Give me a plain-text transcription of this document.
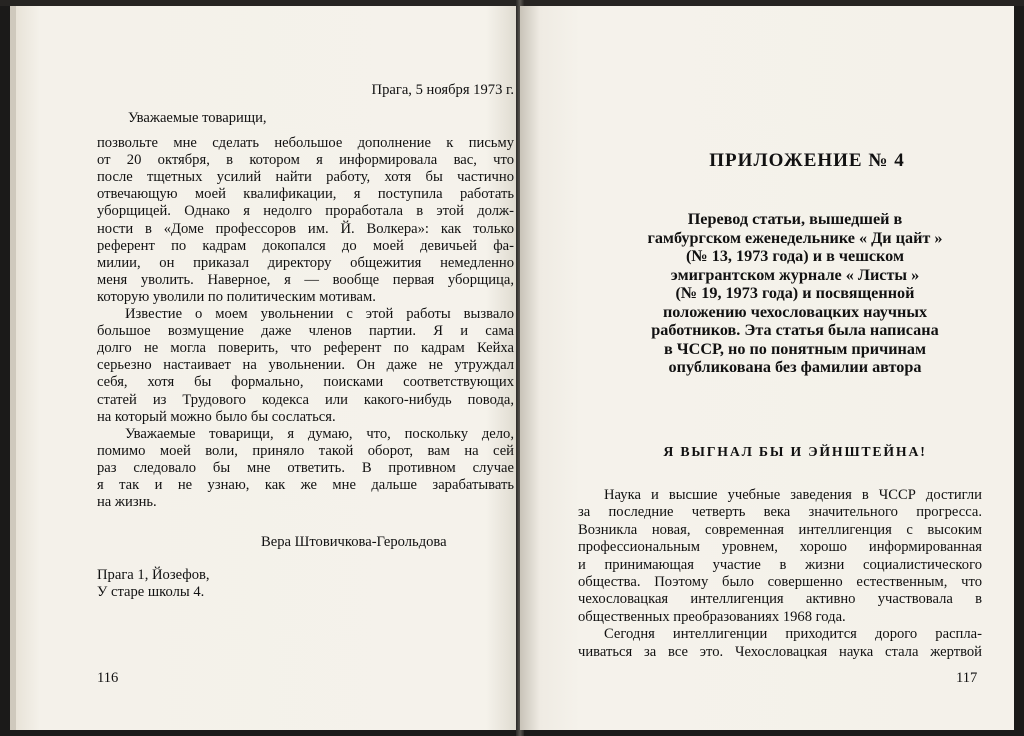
Прага, 5 ноября 1973 г.
Уважаемые товарищи,
позвольте мне сделать небольшое дополнение к письму
от 20 октября, в котором я информировала вас, что
после тщетных усилий найти работу, хотя бы частично
отвечающую моей квалификации, я поступила работать
уборщицей. Однако я недолго проработала в этой долж-
ности в «Доме профессоров им. Й. Волкера»: как только
референт по кадрам докопался до моей девичьей фа-
милии, он приказал директору общежития немедленно
меня уволить. Наверное, я — вообще первая уборщица,
которую уволили по политическим мотивам.
Известие о моем увольнении с этой работы вызвало
большое возмущение даже членов партии. Я и сама
долго не могла поверить, что референт по кадрам Кейха
серьезно настаивает на увольнении. Он даже не утруждал
себя, хотя бы формально, поисками соответствующих
статей из Трудового кодекса или какого-нибудь повода,
на который можно было бы сослаться.
Уважаемые товарищи, я думаю, что, поскольку дело,
помимо моей воли, приняло такой оборот, вам на сей
раз следовало бы мне ответить. В противном случае
я так и не узнаю, как же мне дальше зарабатывать
на жизнь.
Вера Штовичкова-Герольдова
Прага 1, Йозефов,
У старе школы 4.
116
ПРИЛОЖЕНИЕ № 4
Перевод статьи, вышедшей в
гамбургском еженедельнике « Ди цайт »
(№ 13, 1973 года) и в чешском
эмигрантском журнале « Листы »
(№ 19, 1973 года) и посвященной
положению чехословацких научных
работников. Эта статья была написана
в ЧССР, но по понятным причинам
опубликована без фамилии автора
Я ВЫГНАЛ БЫ И ЭЙНШТЕЙНА!
Наука и высшие учебные заведения в ЧССР достигли
за последние четверть века значительного прогресса.
Возникла новая, современная интеллигенция с высоким
профессиональным уровнем, хорошо информированная
и принимающая участие в жизни социалистического
общества. Поэтому было совершенно естественным, что
чехословацкая интеллигенция активно участвовала в
общественных преобразованиях 1968 года.
Сегодня интеллигенции приходится дорого распла-
чиваться за все это. Чехословацкая наука стала жертвой
117
